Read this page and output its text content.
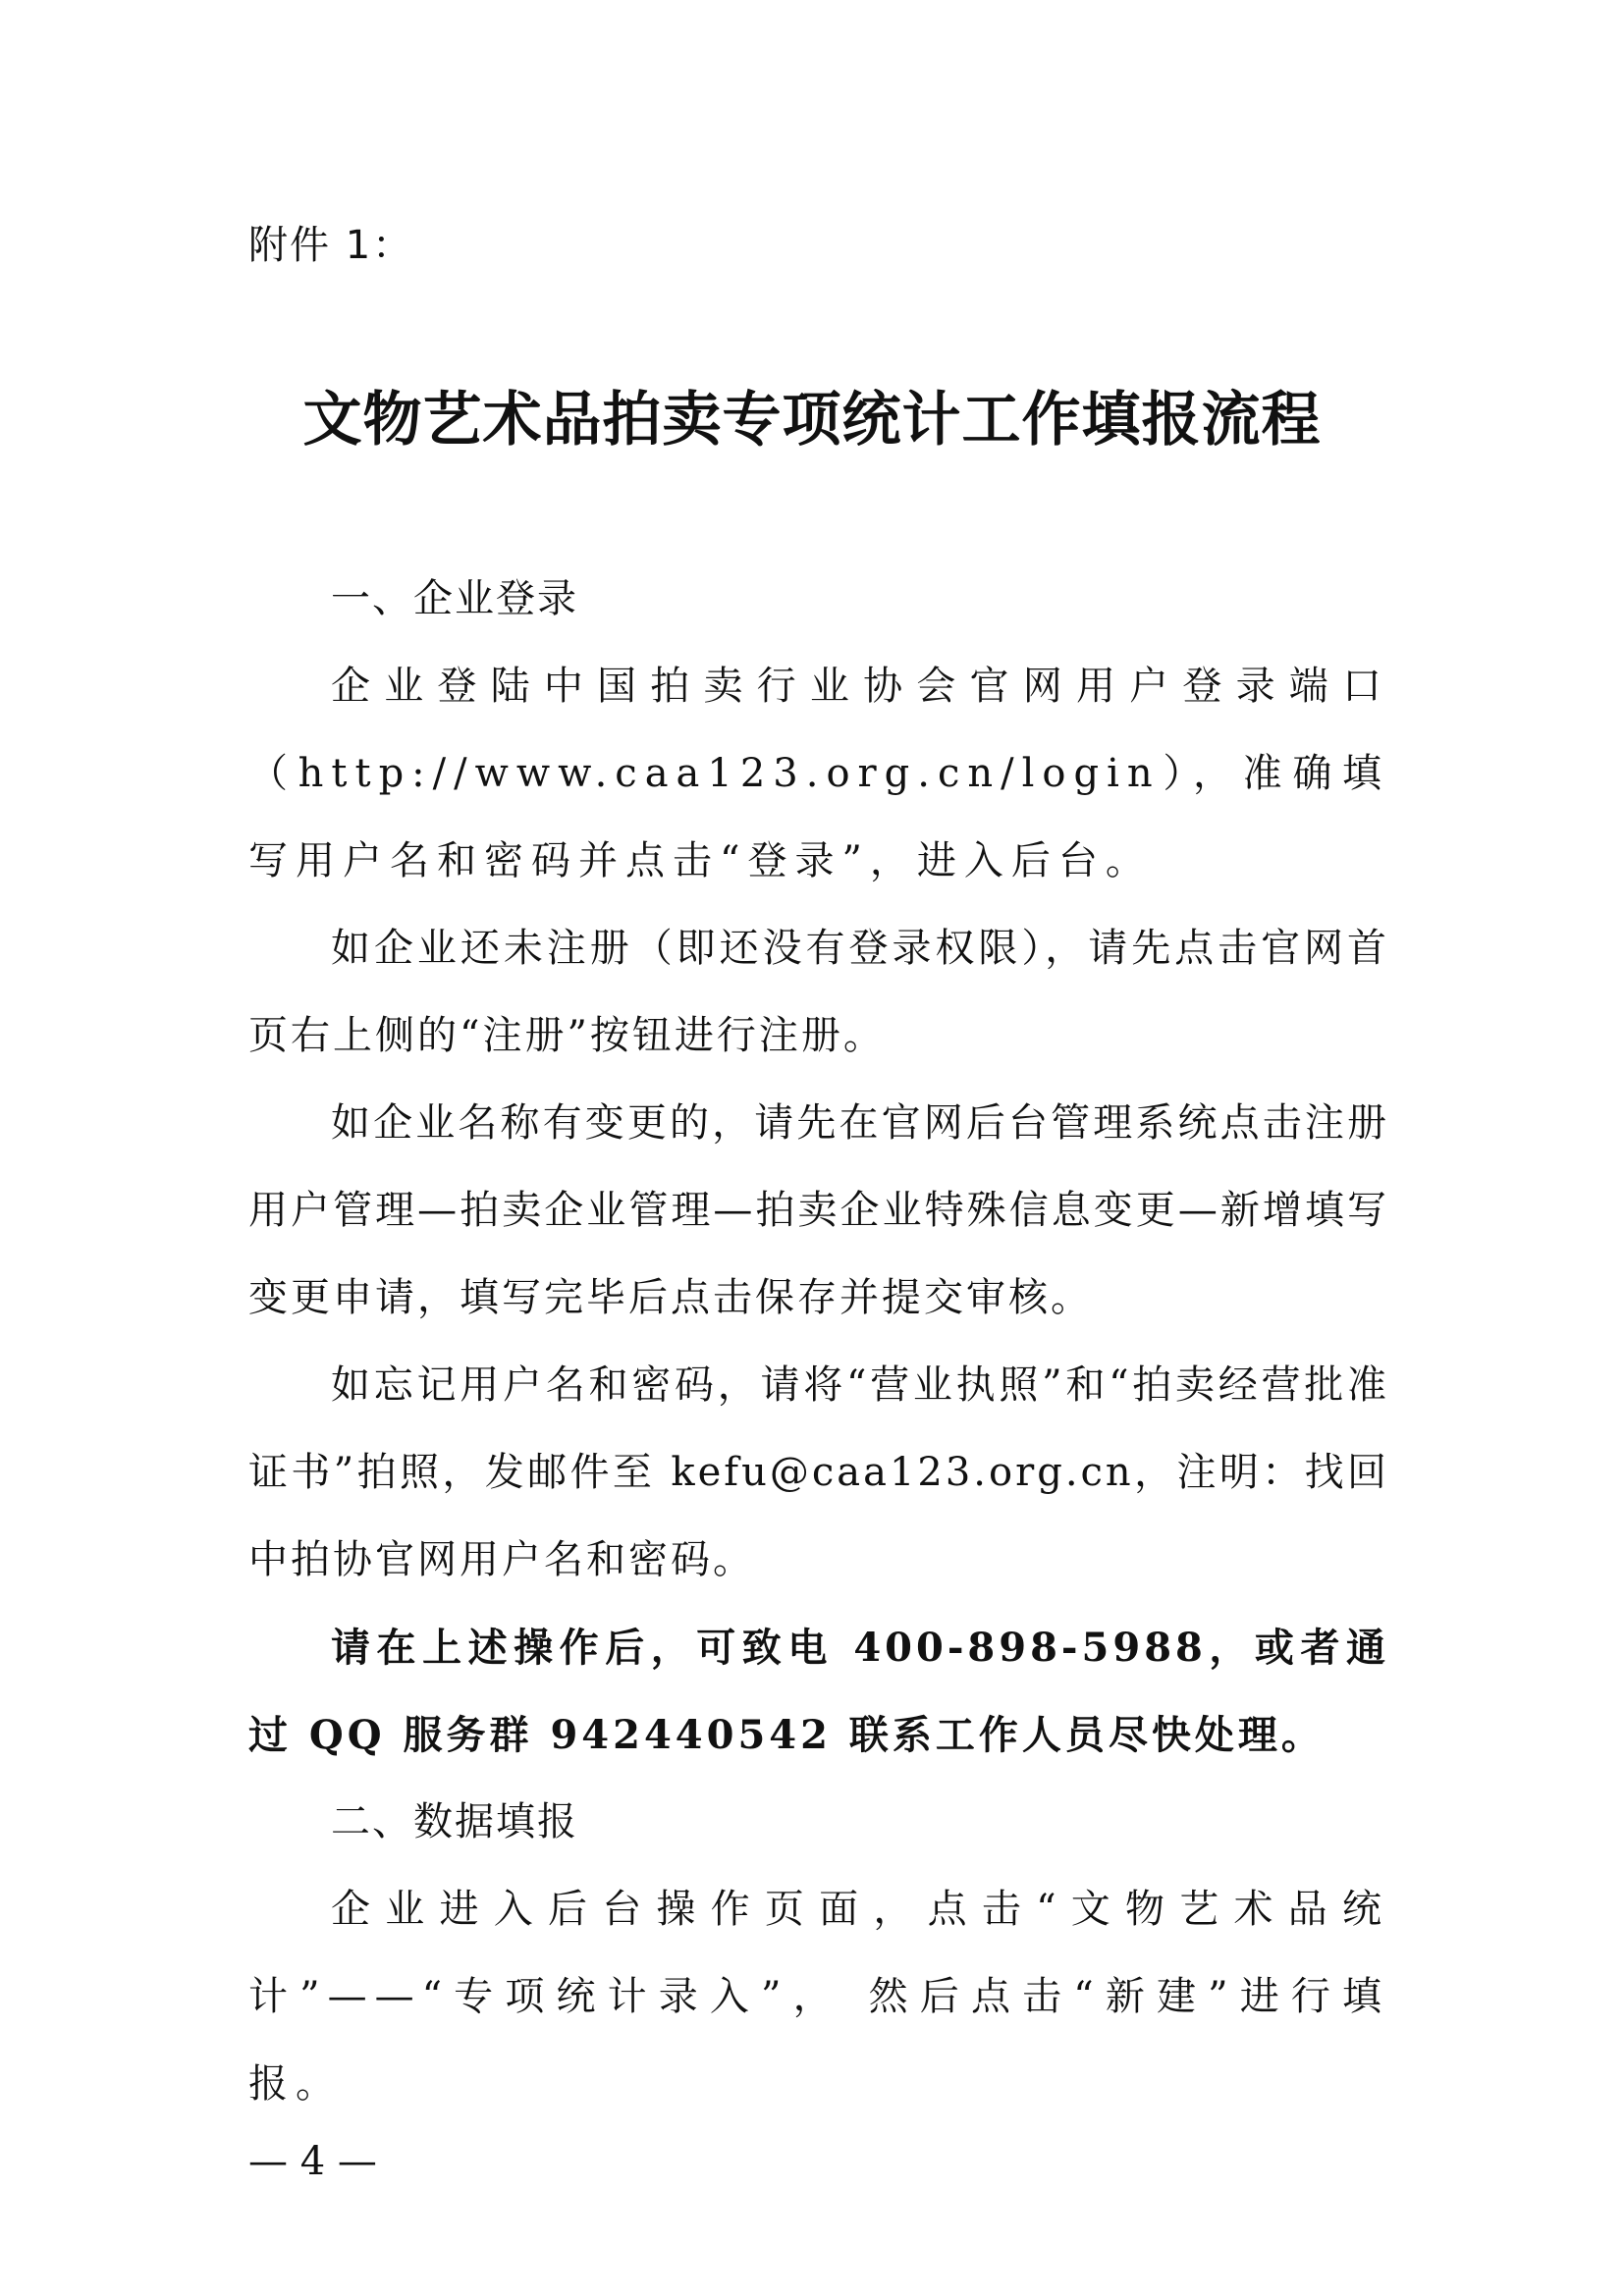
附件 1：

文物艺术品拍卖专项统计工作填报流程

一、企业登录

企业登陆中国拍卖行业协会官网用户登录端口（http://www.caa123.org.cn/login），准确填写用户名和密码并点击“登录”，进入后台。

如企业还未注册（即还没有登录权限），请先点击官网首页右上侧的“注册”按钮进行注册。

如企业名称有变更的，请先在官网后台管理系统点击注册用户管理—拍卖企业管理—拍卖企业特殊信息变更—新增填写变更申请，填写完毕后点击保存并提交审核。

如忘记用户名和密码，请将“营业执照”和“拍卖经营批准证书”拍照，发邮件至 kefu@caa123.org.cn，注明：找回中拍协官网用户名和密码。

请在上述操作后，可致电 400-898-5988，或者通过 QQ 服务群 942440542 联系工作人员尽快处理。

二、数据填报

企业进入后台操作页面，点击“文物艺术品统计”——“专项统计录入”， 然后点击“新建”进行填报。

— 4 —
